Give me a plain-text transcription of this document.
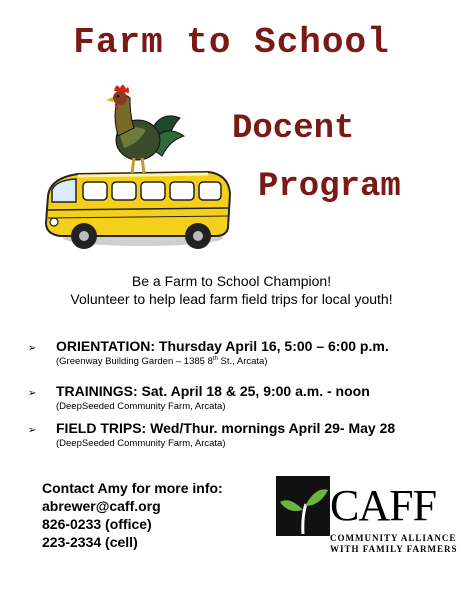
Farm to School
Docent
Program
Be a Farm to School Champion!
Volunteer to help lead farm field trips for local youth!
➢ ORIENTATION: Thursday April 16, 5:00 – 6:00 p.m.
(Greenway Building Garden – 1385 8th St., Arcata)
➢ TRAININGS: Sat. April 18 & 25, 9:00 a.m. - noon
(DeepSeeded Community Farm, Arcata)
➢ FIELD TRIPS: Wed/Thur. mornings April 29- May 28
(DeepSeeded Community Farm, Arcata)
Contact Amy for more info:
abrewer@caff.org
826-0233 (office)
223-2334 (cell)
CAFF
COMMUNITY ALLIANCE
WITH FAMILY FARMERS
